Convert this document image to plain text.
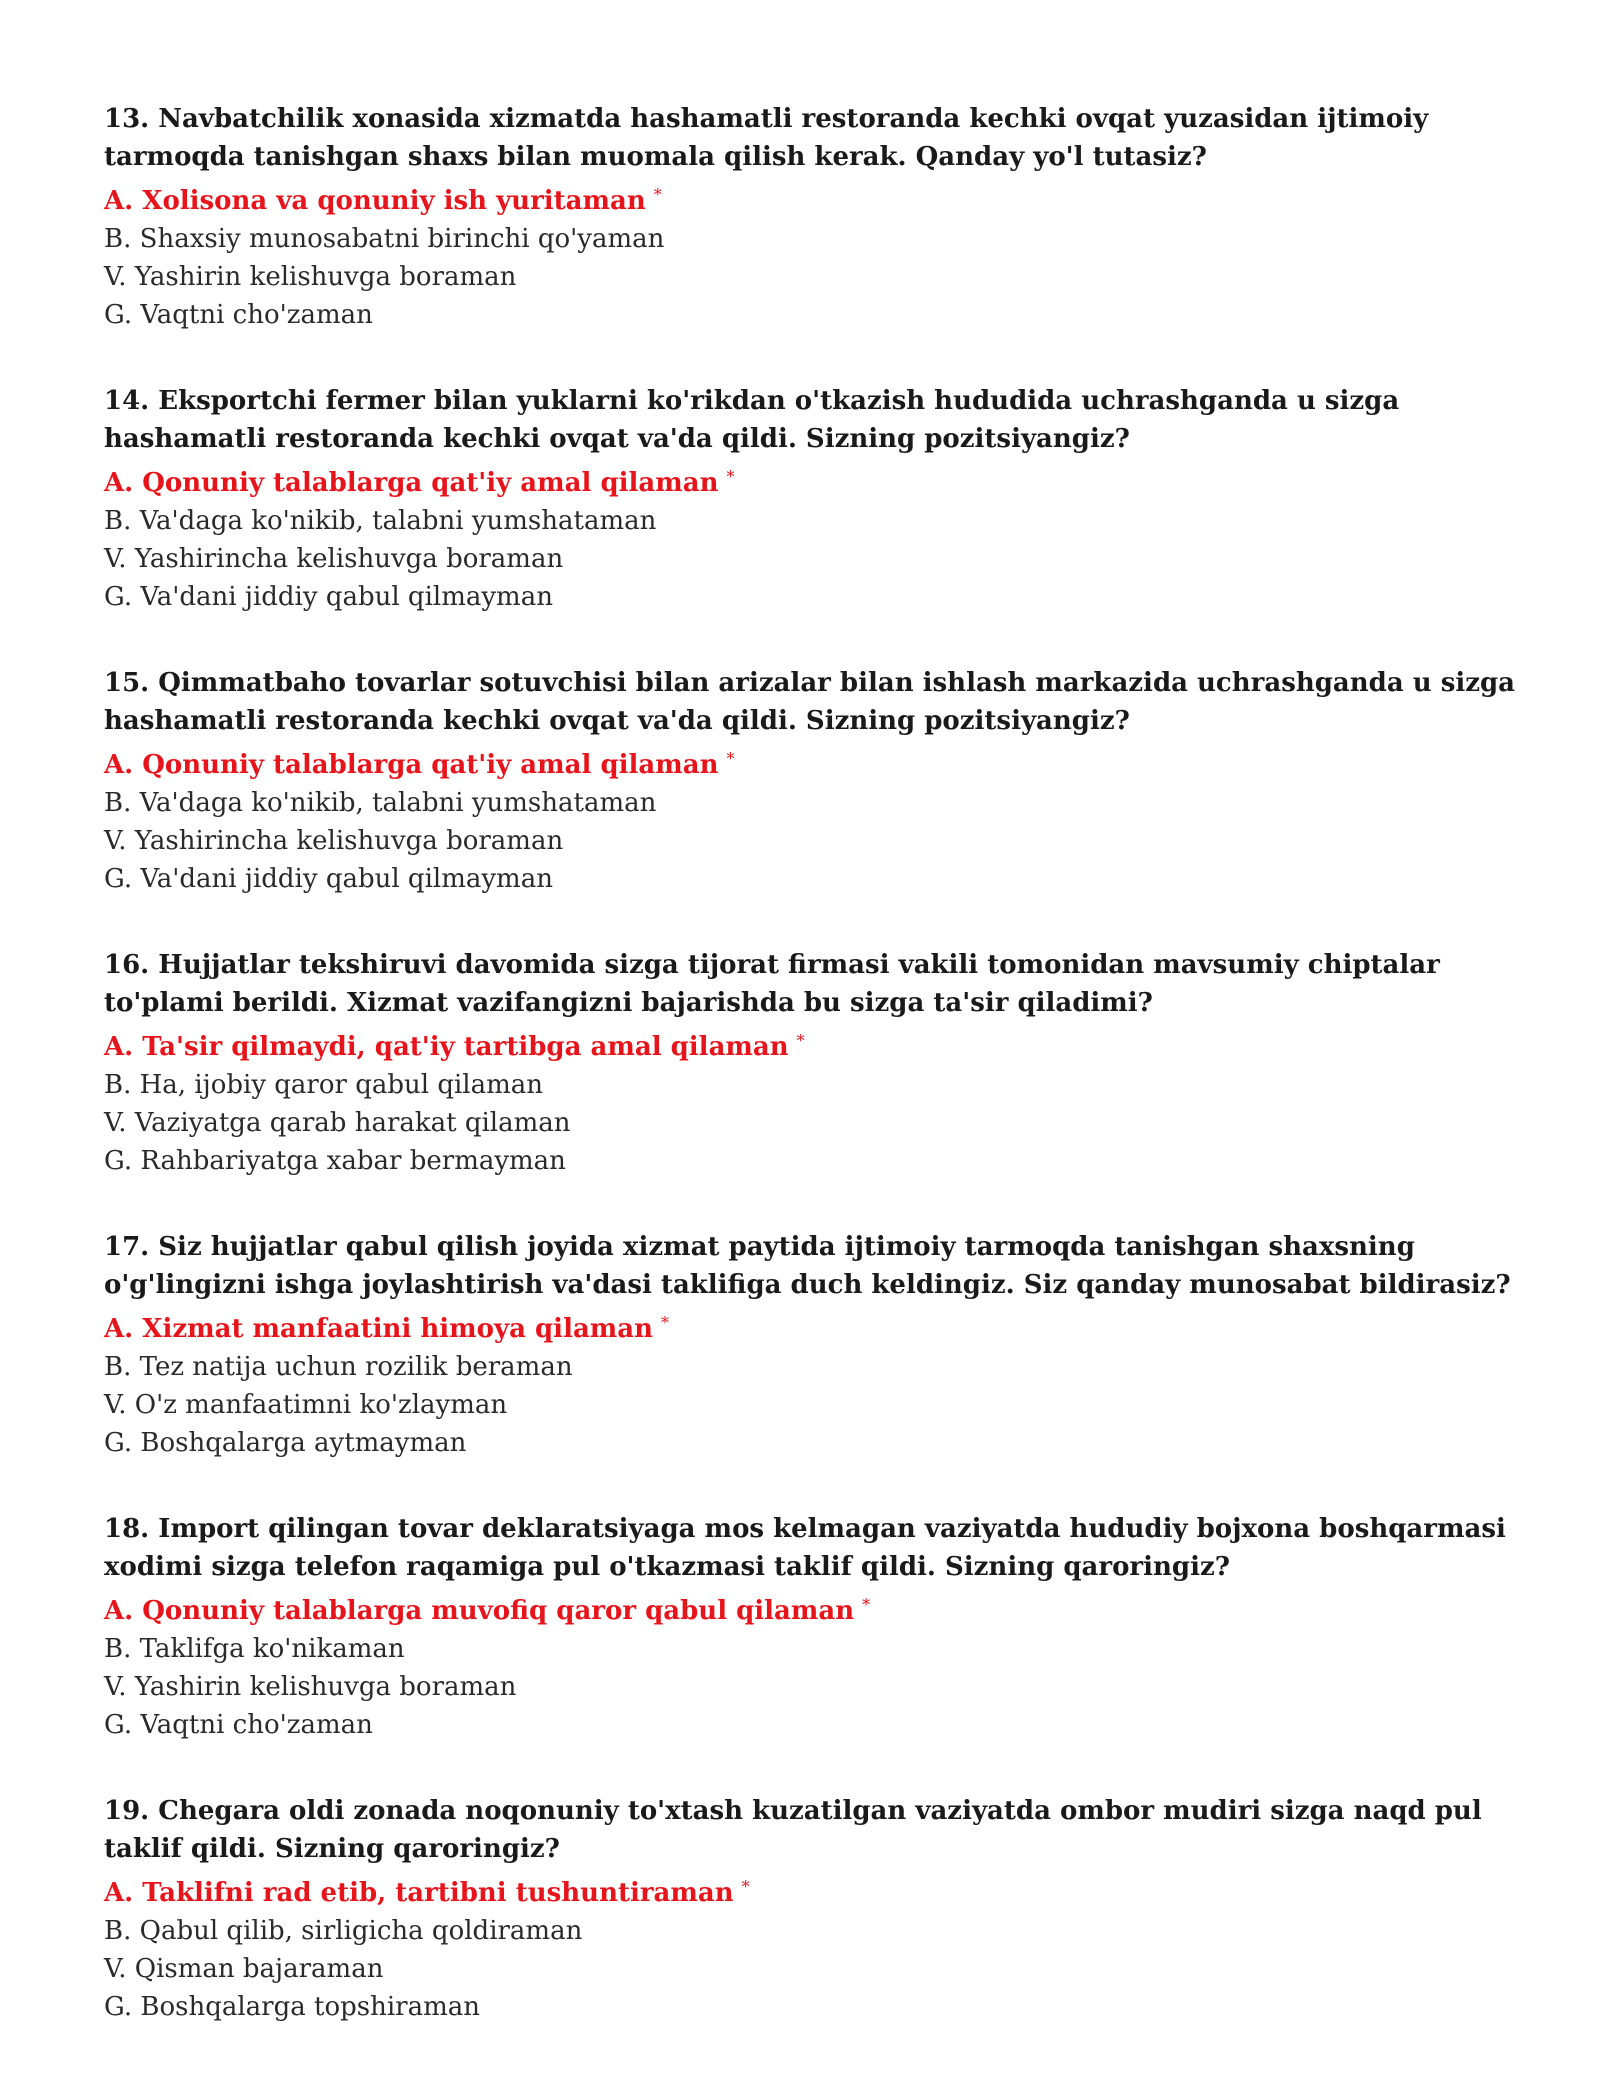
13. Navbatchilik xonasida xizmatda hashamatli restoranda kechki ovqat yuzasidan ijtimoiy tarmoqda tanishgan shaxs bilan muomala qilish kerak. Qanday yo'l tutasiz?

A. Xolisona va qonuniy ish yuritaman *

B. Shaxsiy munosabatni birinchi qo'yaman

V. Yashirin kelishuvga boraman

G. Vaqtni cho'zaman

14. Eksportchi fermer bilan yuklarni ko'rikdan o'tkazish hududida uchrashganda u sizga hashamatli restoranda kechki ovqat va'da qildi. Sizning pozitsiyangiz?

A. Qonuniy talablarga qat'iy amal qilaman *

B. Va'daga ko'nikib, talabni yumshataman

V. Yashirincha kelishuvga boraman

G. Va'dani jiddiy qabul qilmayman

15. Qimmatbaho tovarlar sotuvchisi bilan arizalar bilan ishlash markazida uchrashganda u sizga hashamatli restoranda kechki ovqat va'da qildi. Sizning pozitsiyangiz?

A. Qonuniy talablarga qat'iy amal qilaman *

B. Va'daga ko'nikib, talabni yumshataman

V. Yashirincha kelishuvga boraman

G. Va'dani jiddiy qabul qilmayman

16. Hujjatlar tekshiruvi davomida sizga tijorat firmasi vakili tomonidan mavsumiy chiptalar to'plami berildi. Xizmat vazifangizni bajarishda bu sizga ta'sir qiladimi?

A. Ta'sir qilmaydi, qat'iy tartibga amal qilaman *

B. Ha, ijobiy qaror qabul qilaman

V. Vaziyatga qarab harakat qilaman

G. Rahbariyatga xabar bermayman

17. Siz hujjatlar qabul qilish joyida xizmat paytida ijtimoiy tarmoqda tanishgan shaxsning o'g'lingizni ishga joylashtirish va'dasi taklifiga duch keldingiz. Siz qanday munosabat bildirasiz?

A. Xizmat manfaatini himoya qilaman *

B. Tez natija uchun rozilik beraman

V. O'z manfaatimni ko'zlayman

G. Boshqalarga aytmayman

18. Import qilingan tovar deklaratsiyaga mos kelmagan vaziyatda hududiy bojxona boshqarmasi xodimi sizga telefon raqamiga pul o'tkazmasi taklif qildi. Sizning qaroringiz?

A. Qonuniy talablarga muvofiq qaror qabul qilaman *

B. Taklifga ko'nikaman

V. Yashirin kelishuvga boraman

G. Vaqtni cho'zaman

19. Chegara oldi zonada noqonuniy to'xtash kuzatilgan vaziyatda ombor mudiri sizga naqd pul taklif qildi. Sizning qaroringiz?

A. Taklifni rad etib, tartibni tushuntiraman *

B. Qabul qilib, sirligicha qoldiraman

V. Qisman bajaraman

G. Boshqalarga topshiraman
